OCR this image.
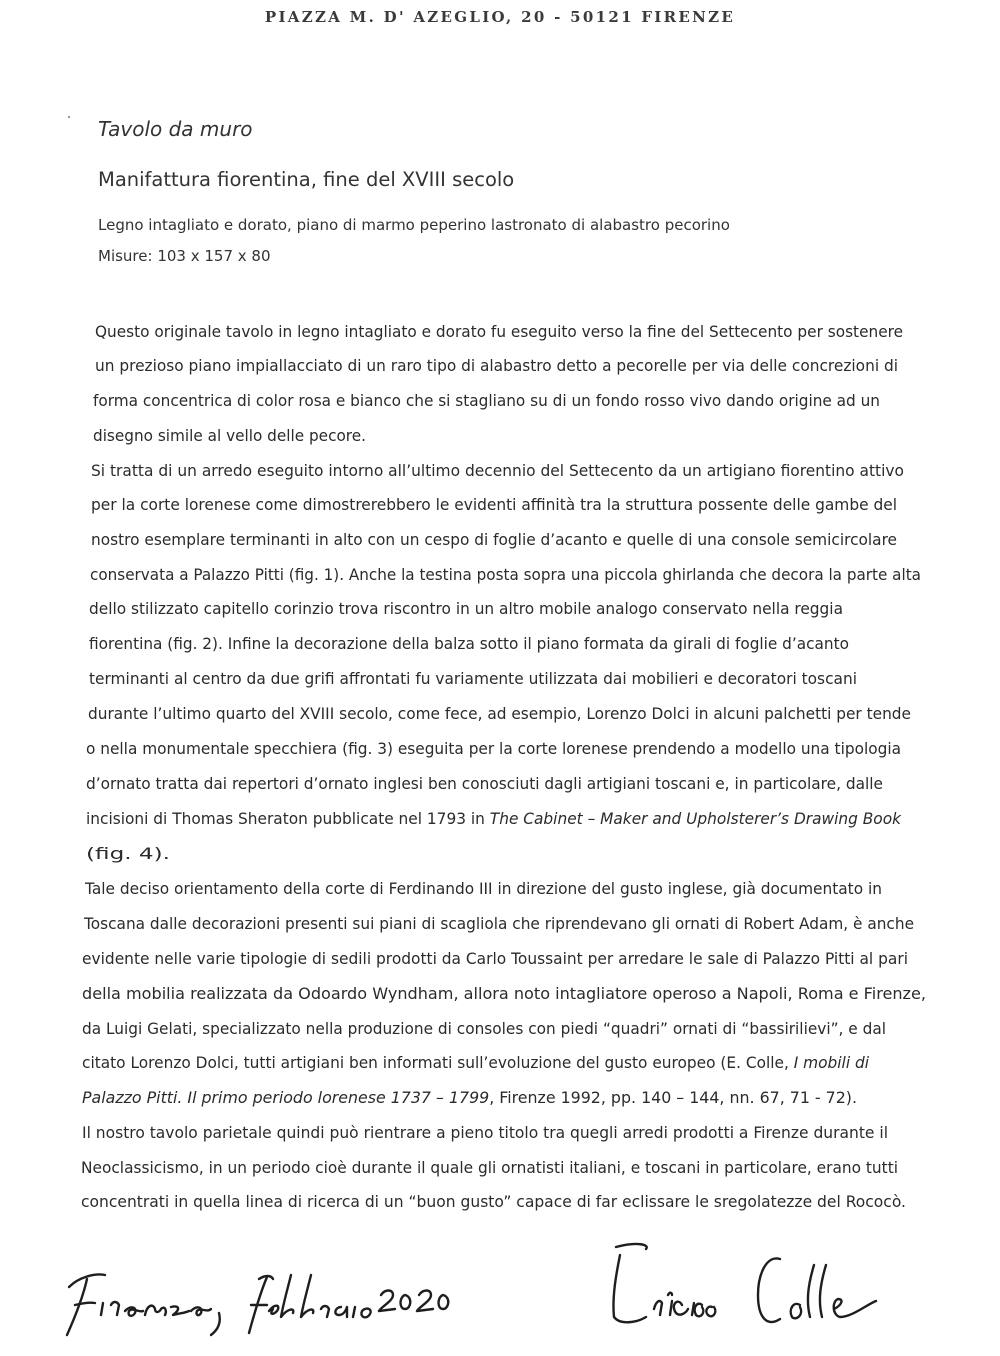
PIAZZA M. D' AZEGLIO, 20 - 50121 FIRENZE
Tavolo da muro
Manifattura fiorentina, fine del XVIII secolo
Legno intagliato e dorato, piano di marmo peperino lastronato di alabastro pecorino
Misure: 103 x 157 x 80
Questo originale tavolo in legno intagliato e dorato fu eseguito verso la fine del Settecento per sostenere
un prezioso piano impiallacciato di un raro tipo di alabastro detto a pecorelle per via delle concrezioni di
forma concentrica di color rosa e bianco che si stagliano su di un fondo rosso vivo dando origine ad un
disegno simile al vello delle pecore.
Si tratta di un arredo eseguito intorno all’ultimo decennio del Settecento da un artigiano fiorentino attivo
per la corte lorenese come dimostrerebbero le evidenti affinità tra la struttura possente delle gambe del
nostro esemplare terminanti in alto con un cespo di foglie d’acanto e quelle di una console semicircolare
conservata a Palazzo Pitti (fig. 1). Anche la testina posta sopra una piccola ghirlanda che decora la parte alta
dello stilizzato capitello corinzio trova riscontro in un altro mobile analogo conservato nella reggia
fiorentina (fig. 2). Infine la decorazione della balza sotto il piano formata da girali di foglie d’acanto
terminanti al centro da due grifi affrontati fu variamente utilizzata dai mobilieri e decoratori toscani
durante l’ultimo quarto del XVIII secolo, come fece, ad esempio, Lorenzo Dolci in alcuni palchetti per tende
o nella monumentale specchiera (fig. 3) eseguita per la corte lorenese prendendo a modello una tipologia
d’ornato tratta dai repertori d’ornato inglesi ben conosciuti dagli artigiani toscani e, in particolare, dalle
incisioni di Thomas Sheraton pubblicate nel 1793 in The Cabinet – Maker and Upholsterer’s Drawing Book
(fig. 4).
Tale deciso orientamento della corte di Ferdinando III in direzione del gusto inglese, già documentato in
Toscana dalle decorazioni presenti sui piani di scagliola che riprendevano gli ornati di Robert Adam, è anche
evidente nelle varie tipologie di sedili prodotti da Carlo Toussaint per arredare le sale di Palazzo Pitti al pari
della mobilia realizzata da Odoardo Wyndham, allora noto intagliatore operoso a Napoli, Roma e Firenze,
da Luigi Gelati, specializzato nella produzione di consoles con piedi “quadri” ornati di “bassirilievi”, e dal
citato Lorenzo Dolci, tutti artigiani ben informati sull’evoluzione del gusto europeo (E. Colle, I mobili di
Palazzo Pitti. Il primo periodo lorenese 1737 – 1799, Firenze 1992, pp. 140 – 144, nn. 67, 71 - 72).
Il nostro tavolo parietale quindi può rientrare a pieno titolo tra quegli arredi prodotti a Firenze durante il
Neoclassicismo, in un periodo cioè durante il quale gli ornatisti italiani, e toscani in particolare, erano tutti
concentrati in quella linea di ricerca di un “buon gusto” capace di far eclissare le sregolatezze del Rococò.
